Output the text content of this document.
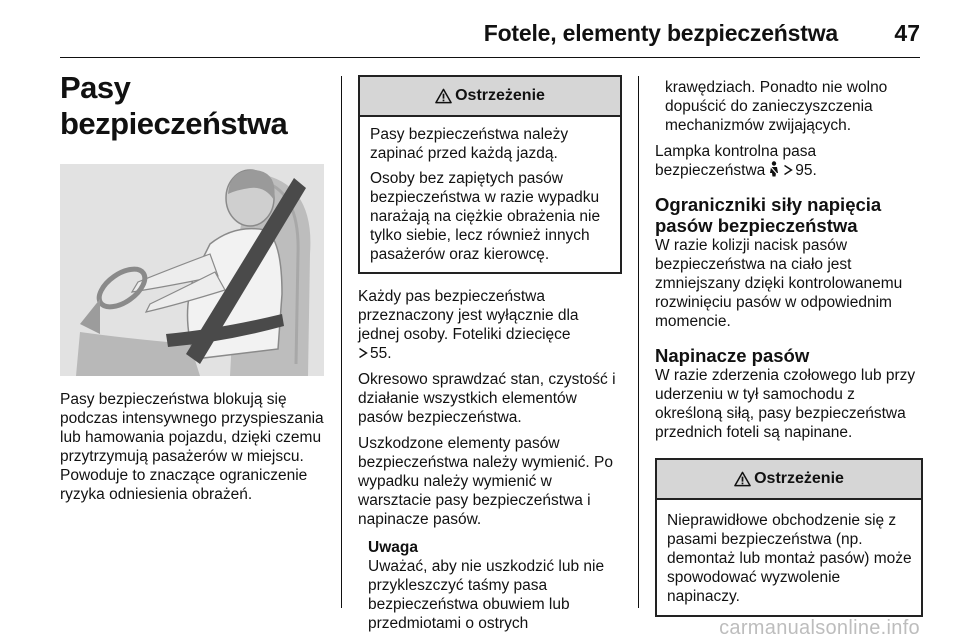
Fotele, elementy bezpieczeństwa 47
Pasy bezpieczeństwa

Pasy bezpieczeństwa blokują się podczas intensywnego przyspieszania lub hamowania pojazdu, dzięki czemu przytrzymują pasażerów w miejscu. Powoduje to znaczące ograniczenie ryzyka odniesienia obrażeń.

Ostrzeżenie

Pasy bezpieczeństwa należy zapinać przed każdą jazdą.

Osoby bez zapiętych pasów bezpieczeństwa w razie wypadku narażają na ciężkie obrażenia nie tylko siebie, lecz również innych pasażerów oraz kierowcę.

Każdy pas bezpieczeństwa przeznaczony jest wyłącznie dla jednej osoby. Foteliki dziecięce
55.

Okresowo sprawdzać stan, czystość i działanie wszystkich elementów pasów bezpieczeństwa.

Uszkodzone elementy pasów bezpieczeństwa należy wymienić. Po wypadku należy wymienić w warsztacie pasy bezpieczeństwa i napinacze pasów.

Uwaga

Uważać, aby nie uszkodzić lub nie przykleszczyć taśmy pasa bezpieczeństwa obuwiem lub przedmiotami o ostrych

krawędziach. Ponadto nie wolno dopuścić do zanieczyszczenia mechanizmów zwijających.

Lampka kontrolna pasa bezpieczeństwa 95.

Ograniczniki siły napięcia pasów bezpieczeństwa

W razie kolizji nacisk pasów bezpieczeństwa na ciało jest zmniejszany dzięki kontrolowanemu rozwinięciu pasów w odpowiednim momencie.

Napinacze pasów

W razie zderzenia czołowego lub przy uderzeniu w tył samochodu z określoną siłą, pasy bezpieczeństwa przednich foteli są napinane.

Ostrzeżenie

Nieprawidłowe obchodzenie się z pasami bezpieczeństwa (np. demontaż lub montaż pasów) może spowodować wyzwolenie napinaczy.

carmanualsonline.info
